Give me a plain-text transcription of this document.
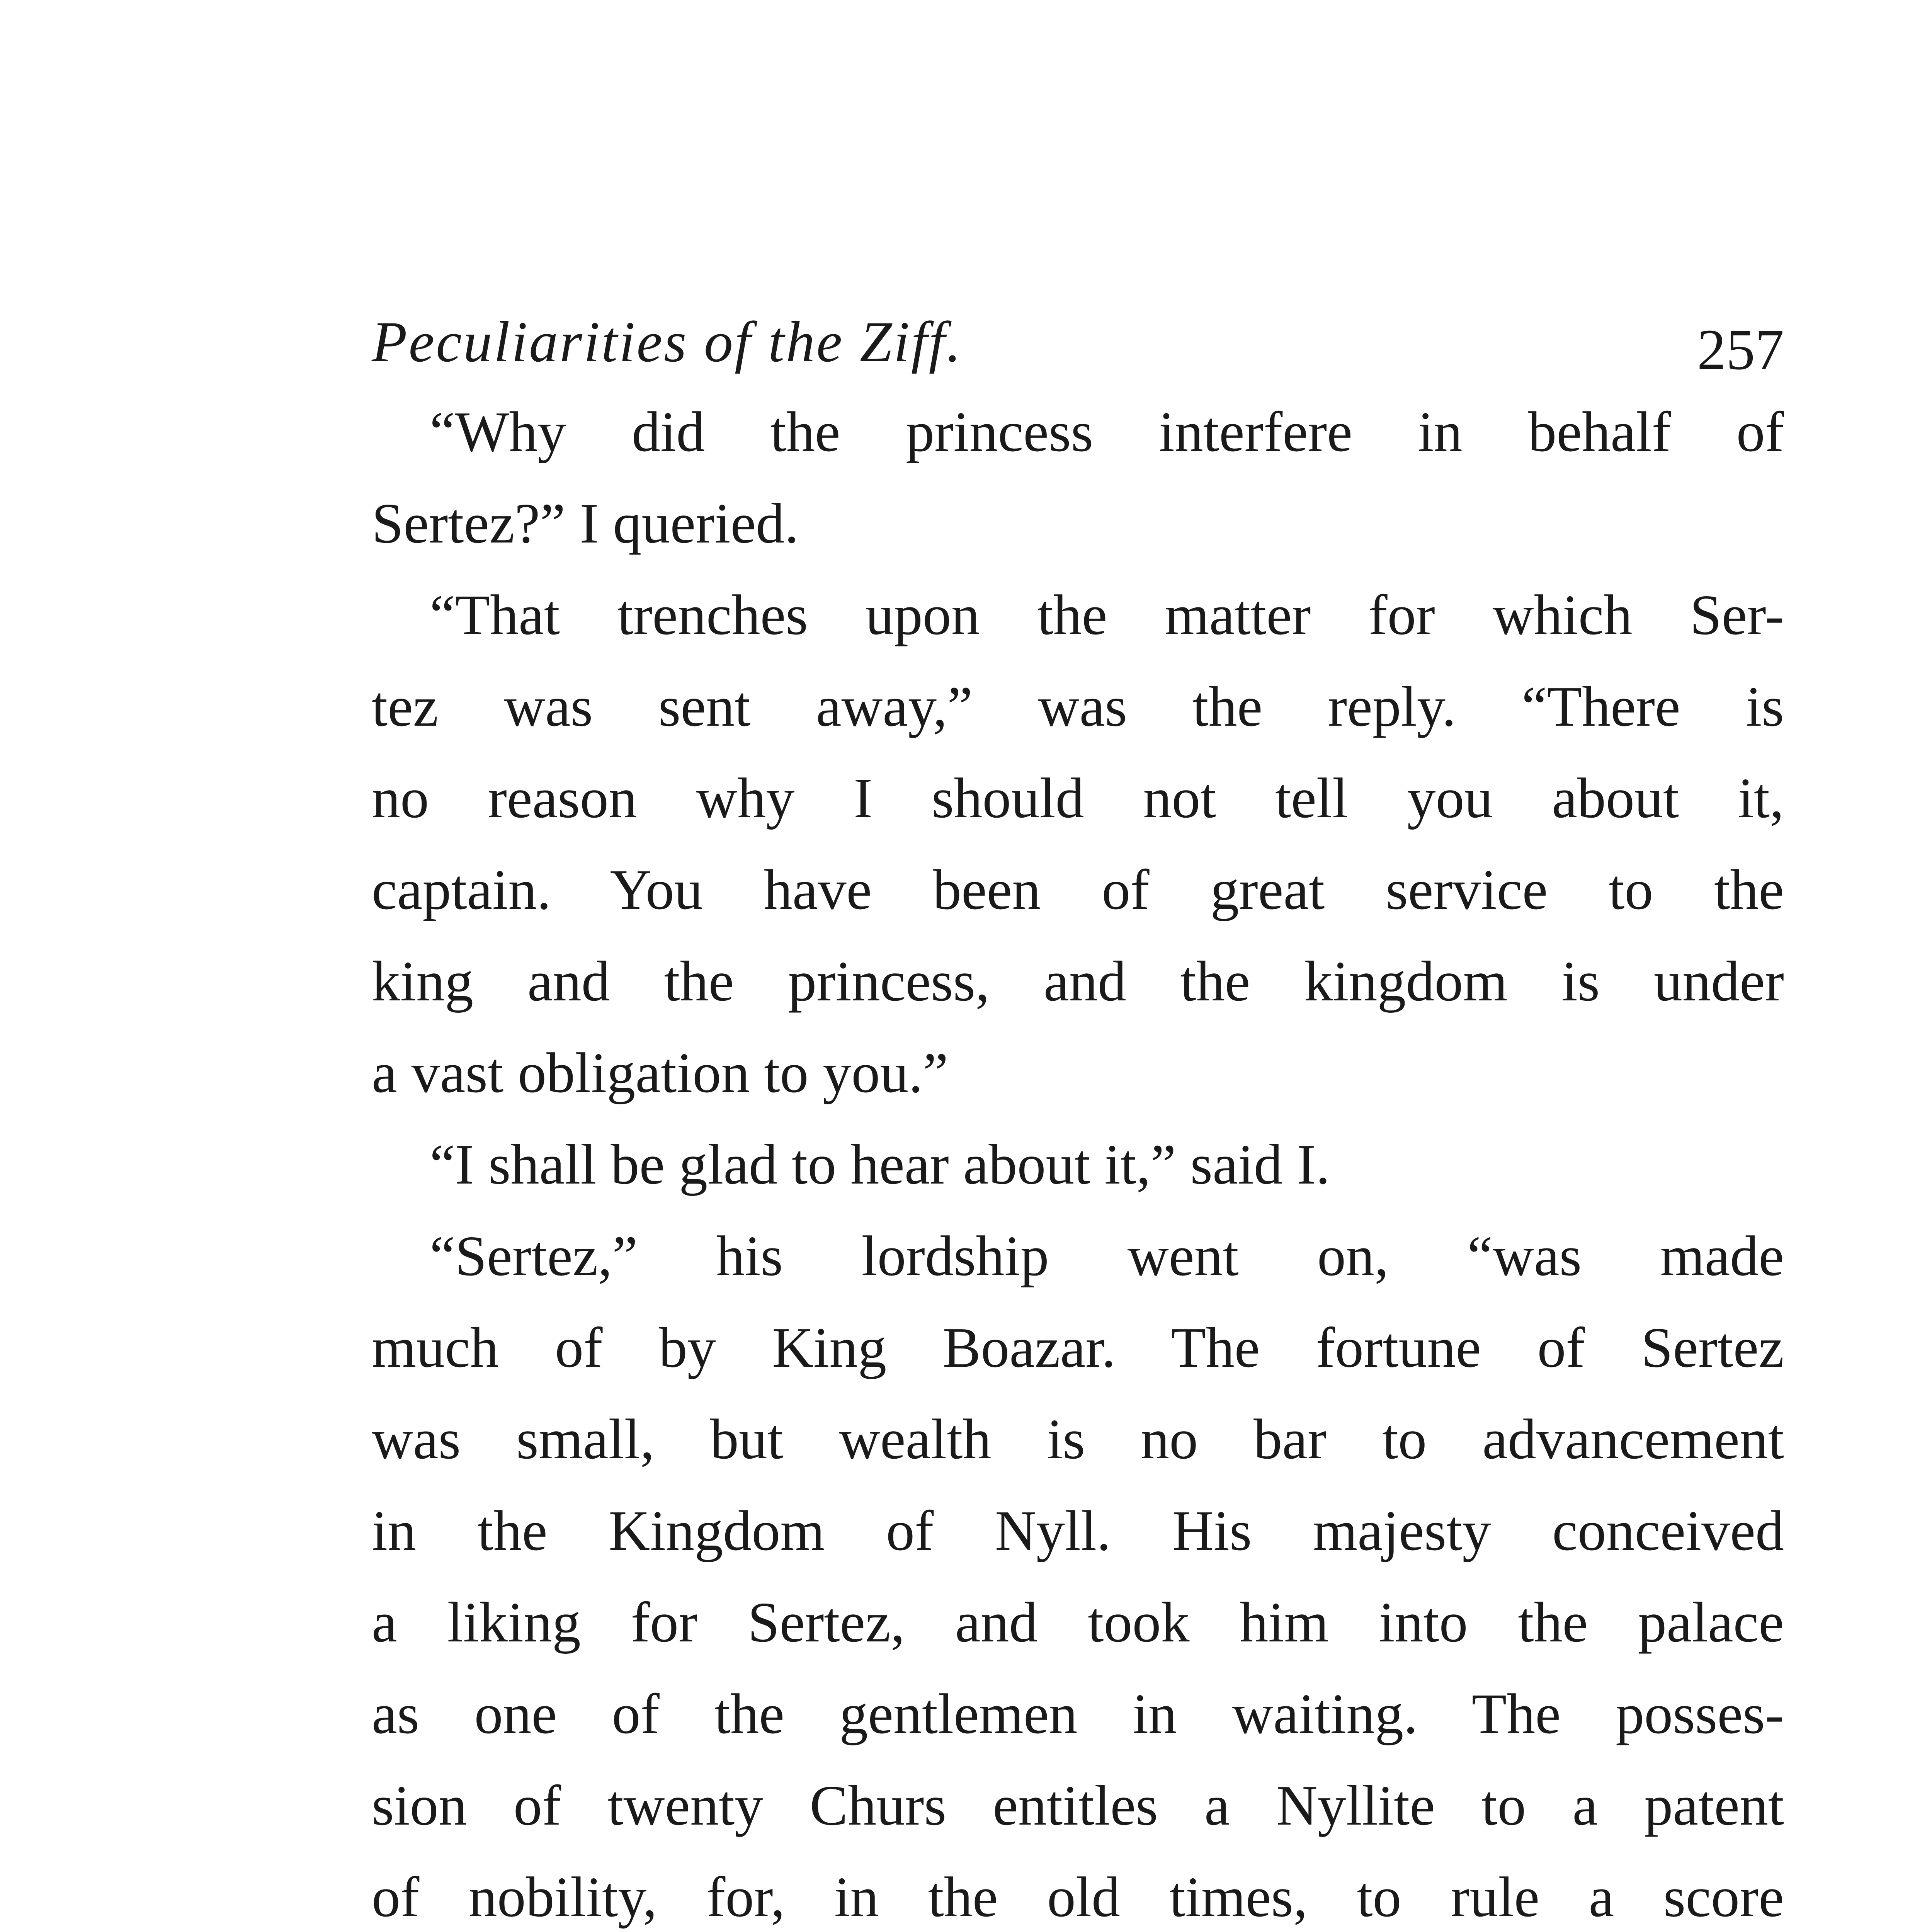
Peculiarities of the Ziff.	257
“Why did the princess interfere in behalf of
Sertez?” I queried.
“That trenches upon the matter for which Ser-
tez was sent away,” was the reply. “There is
no reason why I should not tell you about it,
captain. You have been of great service to the
king and the princess, and the kingdom is under
a vast obligation to you.”
“I shall be glad to hear about it,” said I.
“Sertez,” his lordship went on, “was made
much of by King Boazar. The fortune of Sertez
was small, but wealth is no bar to advancement
in the Kingdom of Nyll. His majesty conceived
a liking for Sertez, and took him into the palace
as one of the gentlemen in waiting. The posses-
sion of twenty Churs entitles a Nyllite to a patent
of nobility, for, in the old times, to rule a score
